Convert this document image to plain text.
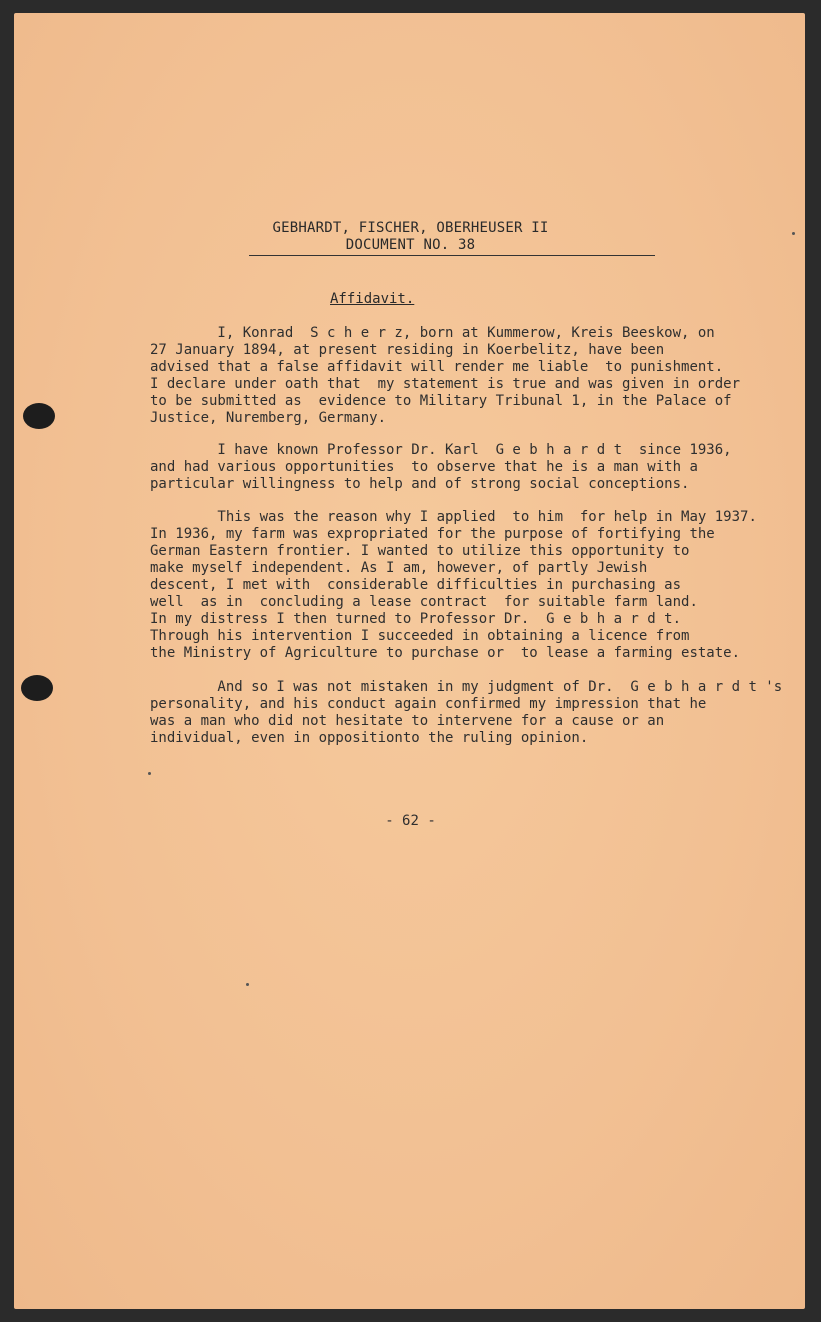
GEBHARDT, FISCHER, OBERHEUSER II
DOCUMENT NO. 38
Affidavit.
I, Konrad  S c h e r z, born at Kummerow, Kreis Beeskow, on
27 January 1894, at present residing in Koerbelitz, have been
advised that a false affidavit will render me liable  to punishment.
I declare under oath that  my statement is true and was given in order
to be submitted as  evidence to Military Tribunal 1, in the Palace of
Justice, Nuremberg, Germany.
I have known Professor Dr. Karl  G e b h a r d t  since 1936,
and had various opportunities  to observe that he is a man with a
particular willingness to help and of strong social conceptions.
This was the reason why I applied  to him  for help in May 1937.
In 1936, my farm was expropriated for the purpose of fortifying the
German Eastern frontier. I wanted to utilize this opportunity to
make myself independent. As I am, however, of partly Jewish
descent, I met with  considerable difficulties in purchasing as
well  as in  concluding a lease contract  for suitable farm land.
In my distress I then turned to Professor Dr.  G e b h a r d t.
Through his intervention I succeeded in obtaining a licence from
the Ministry of Agriculture to purchase or  to lease a farming estate.
And so I was not mistaken in my judgment of Dr.  G e b h a r d
personality, and his conduct again confirmed my impression that he
was a man who did not hesitate to intervene for a cause or an
individual, even in oppositionto the ruling opinion.
- 62 -
